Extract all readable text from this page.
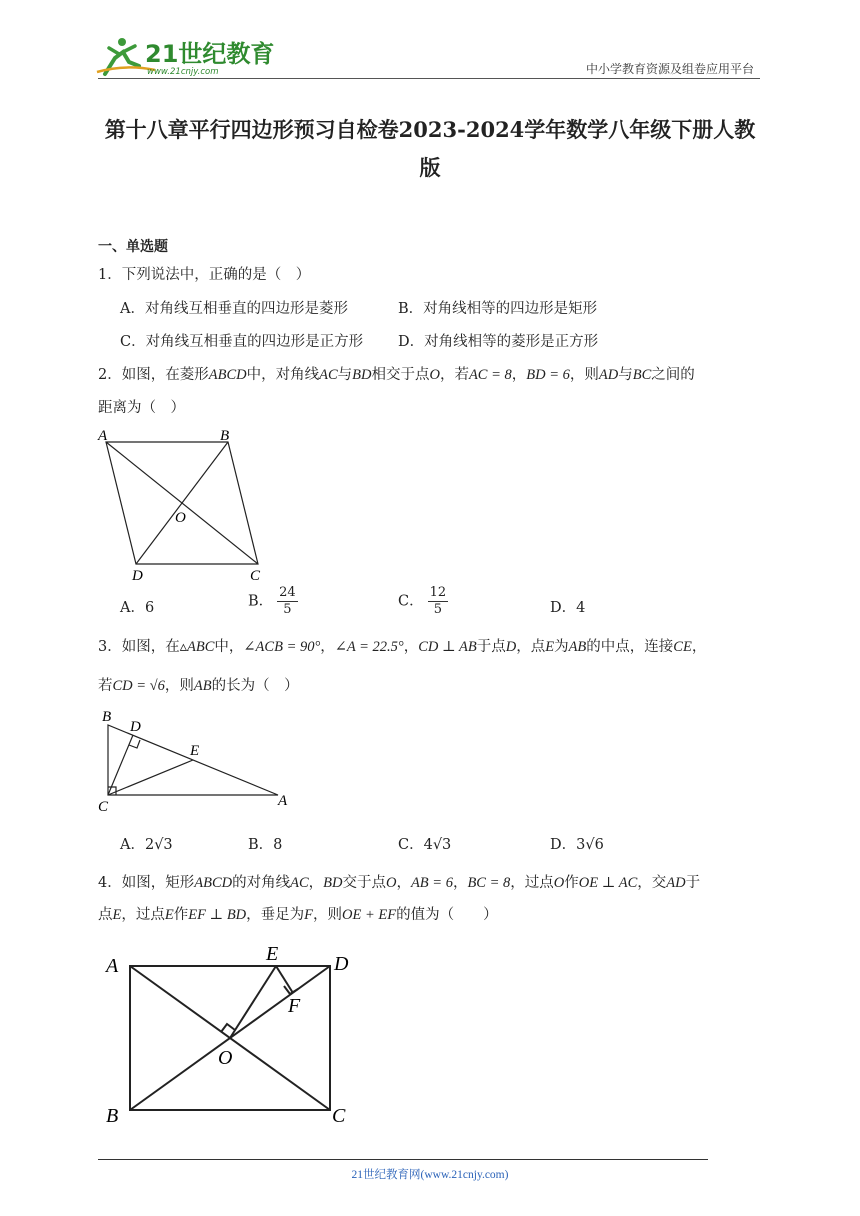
21世纪教育
www.21cnjy.com	中小学教育资源及组卷应用平台
第十八章平行四边形预习自检卷2023-2024学年数学八年级下册人教
版
一、单选题
1．下列说法中，正确的是（　）
A．对角线互相垂直的四边形是菱形	B．对角线相等的四边形是矩形
C．对角线互相垂直的四边形是正方形 D．对角线相等的菱形是正方形
2．如图，在菱形ABCD中，对角线AC与BD相交于点O，若AC = 8，BD = 6，则AD与BC之间的
距离为（　）
A	B
O
D	C
A．6	B． $\frac{24}{5}$	C． $\frac{12}{5}$	D．4
3．如图，在▵ABC中，∠ACB = 90°，∠A = 22.5°，CD ⊥ AB于点D，点E为AB的中点，连接CE，
若CD = √6，则AB的长为（　）
B
D
E
C	A
A．2√3	B．8	C．4√3	D．3√6
4．如图，矩形ABCD的对角线AC，BD交于点O，AB = 6，BC = 8，过点O作OE ⊥ AC，交AD于
点E，过点E作EF ⊥ BD，垂足为F，则OE + EF的值为（　　）
A
E	D
F
O
B	C
21世纪教育网(www.21cnjy.com)
